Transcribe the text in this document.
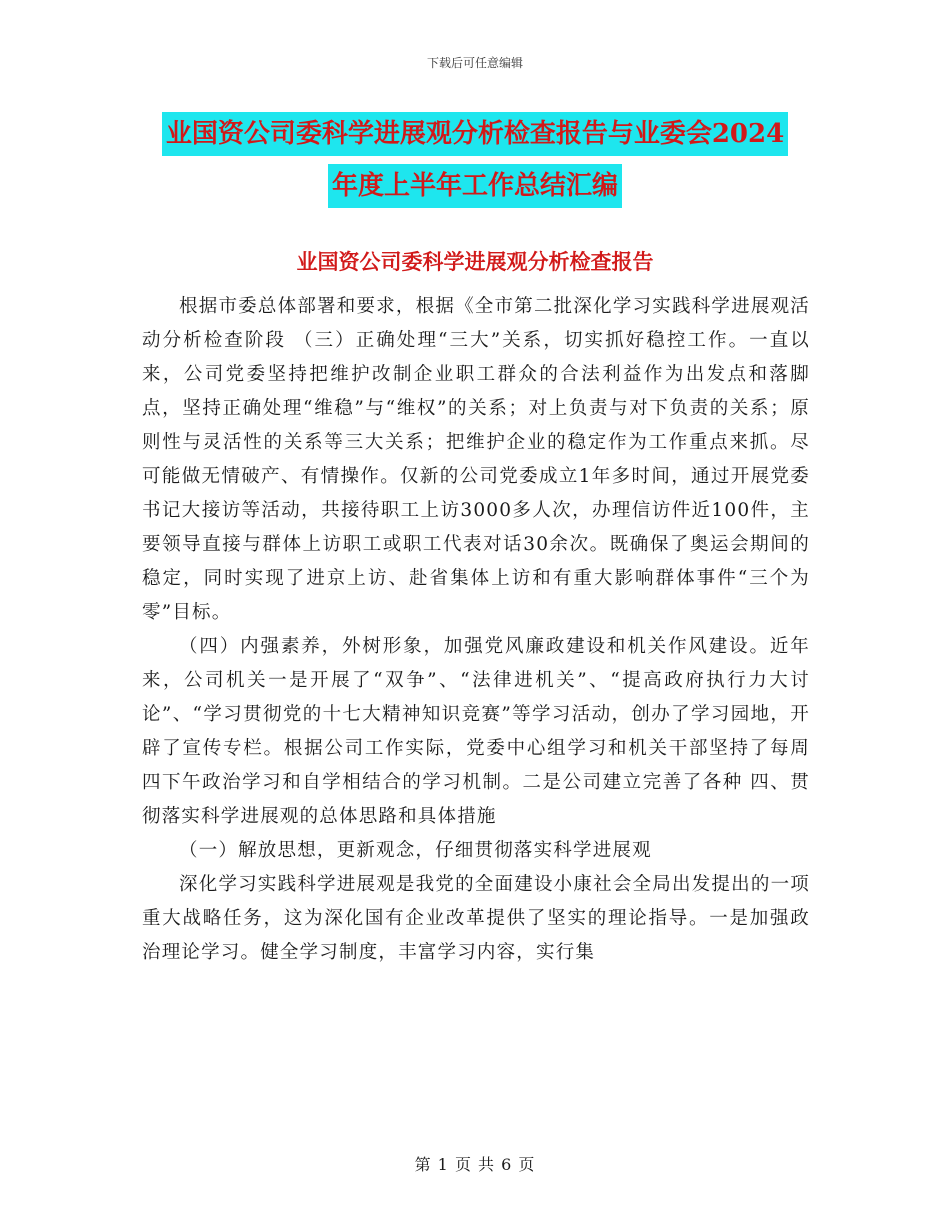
下载后可任意编辑
业国资公司委科学进展观分析检查报告与业委会2024
年度上半年工作总结汇编
业国资公司委科学进展观分析检查报告

根据市委总体部署和要求，根据《全市第二批深化学习实践科学进展观活动分析检查阶段 （三）正确处理“三大”关系，切实抓好稳控工作。一直以来，公司党委坚持把维护改制企业职工群众的合法利益作为出发点和落脚点，坚持正确处理“维稳”与“维权”的关系；对上负责与对下负责的关系；原则性与灵活性的关系等三大关系；把维护企业的稳定作为工作重点来抓。尽可能做无情破产、有情操作。仅新的公司党委成立1年多时间，通过开展党委书记大接访等活动，共接待职工上访3000多人次，办理信访件近100件，主要领导直接与群体上访职工或职工代表对话30余次。既确保了奥运会期间的稳定，同时实现了进京上访、赴省集体上访和有重大影响群体事件“三个为零”目标。

（四）内强素养，外树形象，加强党风廉政建设和机关作风建设。近年来，公司机关一是开展了“双争”、“法律进机关”、“提高政府执行力大讨论”、“学习贯彻党的十七大精神知识竞赛”等学习活动，创办了学习园地，开辟了宣传专栏。根据公司工作实际，党委中心组学习和机关干部坚持了每周四下午政治学习和自学相结合的学习机制。二是公司建立完善了各种 四、贯彻落实科学进展观的总体思路和具体措施

（一）解放思想，更新观念，仔细贯彻落实科学进展观

深化学习实践科学进展观是我党的全面建设小康社会全局出发提出的一项重大战略任务，这为深化国有企业改革提供了坚实的理论指导。一是加强政治理论学习。健全学习制度，丰富学习内容，实行集

第 1 页 共 6 页
